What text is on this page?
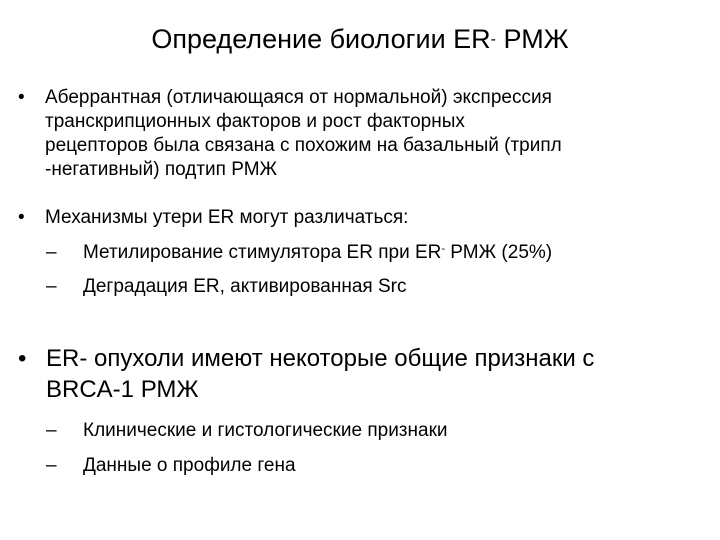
Определение биологии ER- РМЖ
• Аберрантная (отличающаяся от нормальной) экспрессия
транскрипционных факторов и рост факторных
рецепторов была связана с похожим на базальный (трипл
-негативный) подтип РМЖ
• Механизмы утери ER могут различаться:
– Метилирование стимулятора ER при ER- РМЖ (25%)
– Деградация ER, активированная Src
• ER- опухоли имеют некоторые общие признаки с
BRCA-1 РМЖ
– Клинические и гистологические признаки
– Данные о профиле гена
